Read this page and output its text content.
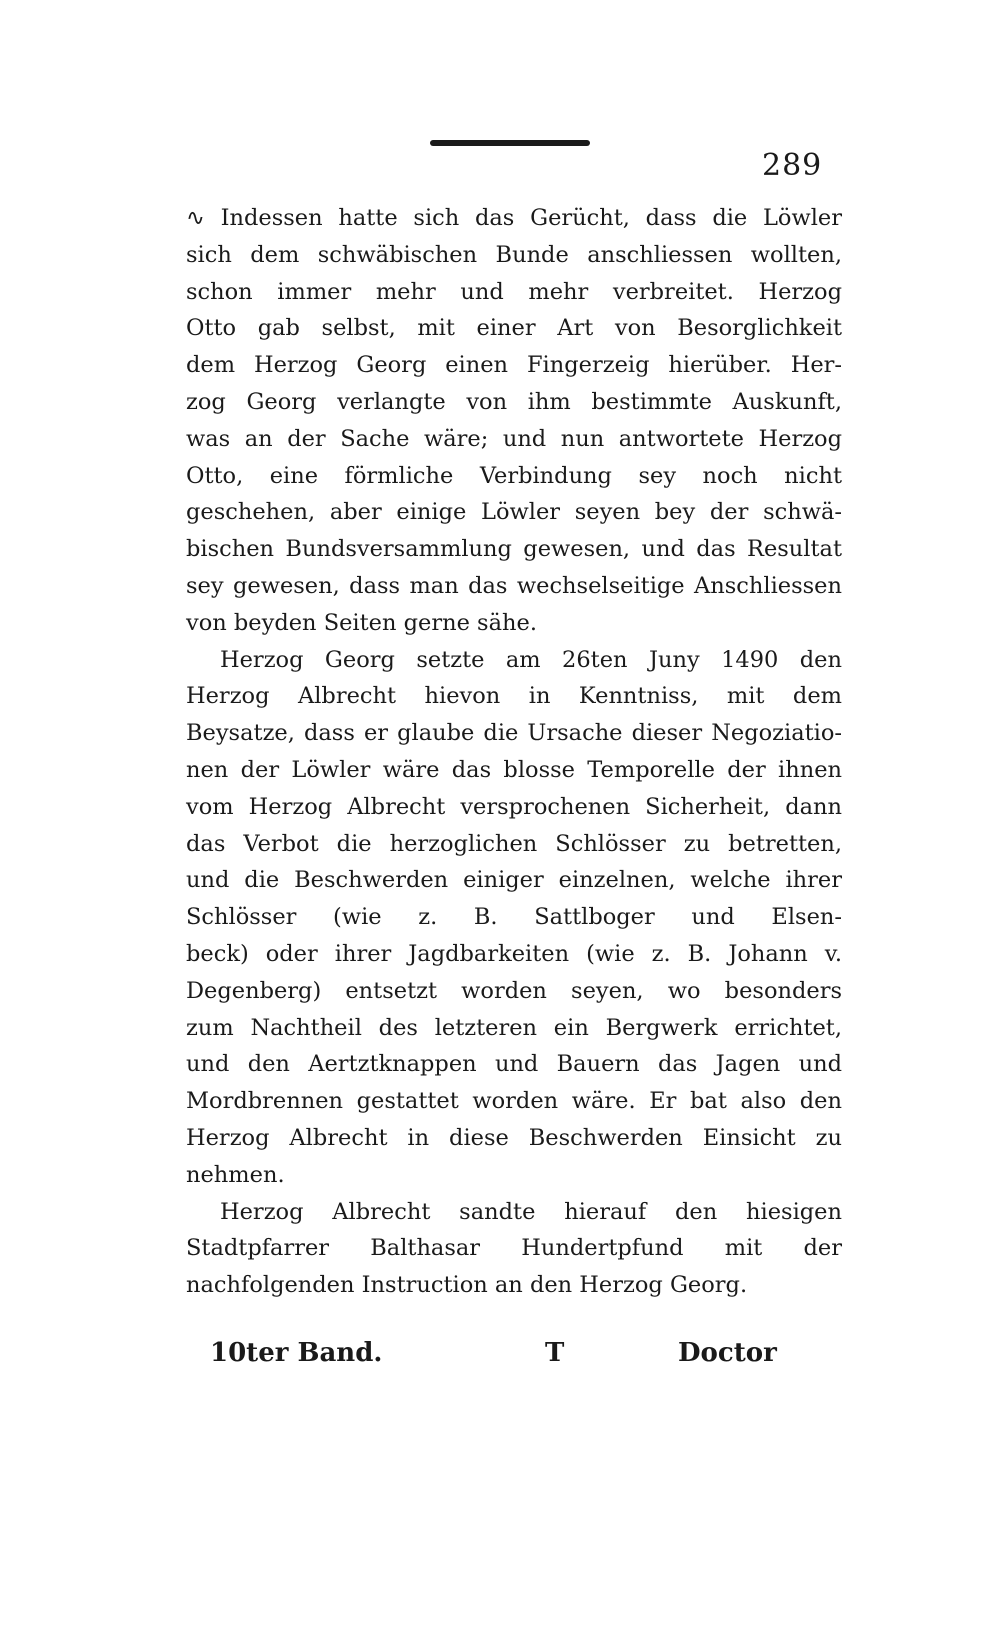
289
∿ Indessen hatte sich das Gerücht, dass die Löwler
sich dem schwäbischen Bunde anschliessen wollten,
schon immer mehr und mehr verbreitet. Herzog
Otto gab selbst, mit einer Art von Besorglichkeit
dem Herzog Georg einen Fingerzeig hierüber. Her-
zog Georg verlangte von ihm bestimmte Auskunft,
was an der Sache wäre; und nun antwortete Herzog
Otto, eine förmliche Verbindung sey noch nicht
geschehen, aber einige Löwler seyen bey der schwä-
bischen Bundsversammlung gewesen, und das Resultat
sey gewesen, dass man das wechselseitige Anschliessen
von beyden Seiten gerne sähe.
Herzog Georg setzte am 26ten Juny 1490 den
Herzog Albrecht hievon in Kenntniss, mit dem
Beysatze, dass er glaube die Ursache dieser Negoziatio-
nen der Löwler wäre das blosse Temporelle der ihnen
vom Herzog Albrecht versprochenen Sicherheit, dann
das Verbot die herzoglichen Schlösser zu betretten,
und die Beschwerden einiger einzelnen, welche ihrer
Schlösser (wie z. B. Sattlboger und Elsen-
beck) oder ihrer Jagdbarkeiten (wie z. B. Johann v.
Degenberg) entsetzt worden seyen, wo besonders
zum Nachtheil des letzteren ein Bergwerk errichtet,
und den Aertztknappen und Bauern das Jagen und
Mordbrennen gestattet worden wäre. Er bat also den
Herzog Albrecht in diese Beschwerden Einsicht zu
nehmen.
Herzog Albrecht sandte hierauf den hiesigen
Stadtpfarrer Balthasar Hundertpfund mit der
nachfolgenden Instruction an den Herzog Georg.
10ter Band.	T	Doctor
